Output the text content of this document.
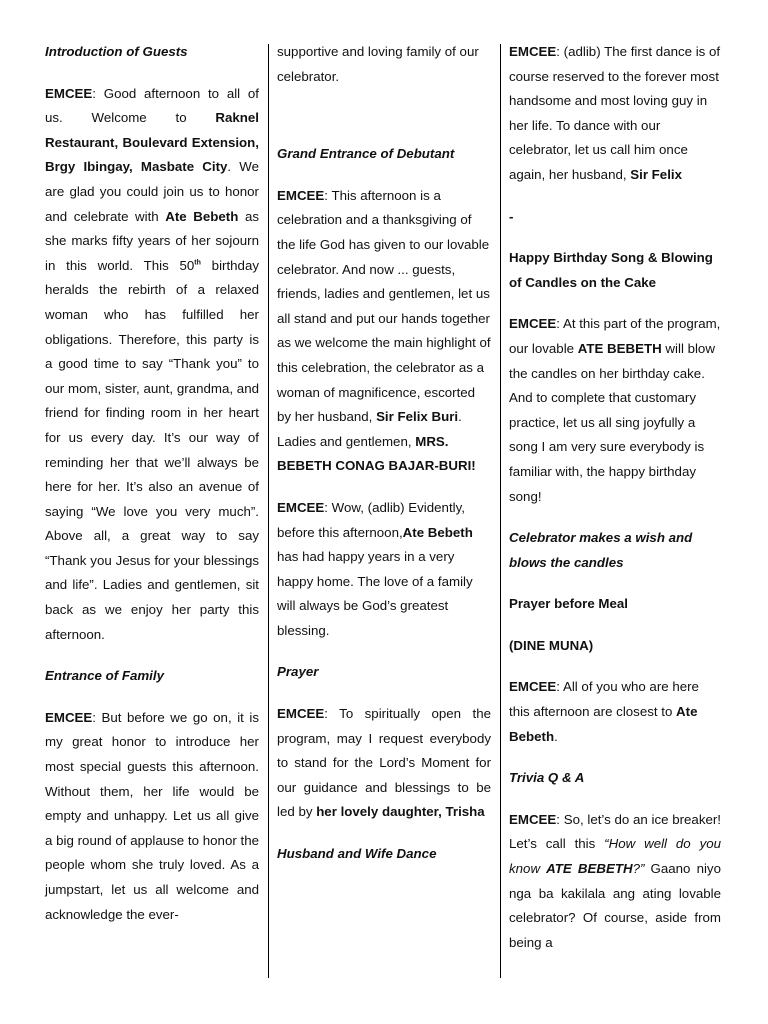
Introduction of Guests

EMCEE: Good afternoon to all of us. Welcome to Raknel Restaurant, Boulevard Extension, Brgy Ibingay, Masbate City. We are glad you could join us to honor and celebrate with Ate Bebeth as she marks fifty years of her sojourn in this world. This 50th birthday heralds the rebirth of a relaxed woman who has fulfilled her obligations. Therefore, this party is a good time to say “Thank you” to our mom, sister, aunt, grandma, and friend for finding room in her heart for us every day. It’s our way of reminding her that we’ll always be here for her. It’s also an avenue of saying “We love you very much”. Above all, a great way to say “Thank you Jesus for your blessings and life”. Ladies and gentlemen, sit back as we enjoy her party this afternoon.

Entrance of Family

EMCEE: But before we go on, it is my great honor to introduce her most special guests this afternoon. Without them, her life would be empty and unhappy. Let us all give a big round of applause to honor the people whom she truly loved. As a jumpstart, let us all welcome and acknowledge the ever-

supportive and loving family of our celebrator.

Grand Entrance of Debutant

EMCEE: This afternoon is a celebration and a thanksgiving of the life God has given to our lovable celebrator. And now ... guests, friends, ladies and gentlemen, let us all stand and put our hands together as we welcome the main highlight of this celebration, the celebrator as a woman of magnificence, escorted by her husband, Sir Felix Buri. Ladies and gentlemen, MRS. BEBETH CONAG BAJAR-BURI!

EMCEE: Wow, (adlib) Evidently, before this afternoon,Ate Bebeth has had happy years in a very happy home. The love of a family will always be God’s greatest blessing.

Prayer

EMCEE: To spiritually open the program, may I request everybody to stand for the Lord’s Moment for our guidance and blessings to be led by her lovely daughter, Trisha

Husband and Wife Dance

EMCEE: (adlib) The first dance is of course reserved to the forever most handsome and most loving guy in her life. To dance with our celebrator, let us call him once again, her husband, Sir Felix

-

Happy Birthday Song & Blowing of Candles on the Cake

EMCEE: At this part of the program, our lovable ATE BEBETH will blow the candles on her birthday cake. And to complete that customary practice, let us all sing joyfully a song I am very sure everybody is familiar with, the happy birthday song!

Celebrator makes a wish and blows the candles

Prayer before Meal

(DINE MUNA)

EMCEE: All of you who are here this afternoon are closest to Ate Bebeth.

Trivia Q & A

EMCEE: So, let’s do an ice breaker! Let’s call this “How well do you know ATE BEBETH?” Gaano niyo nga ba kakilala ang ating lovable celebrator? Of course, aside from being a
